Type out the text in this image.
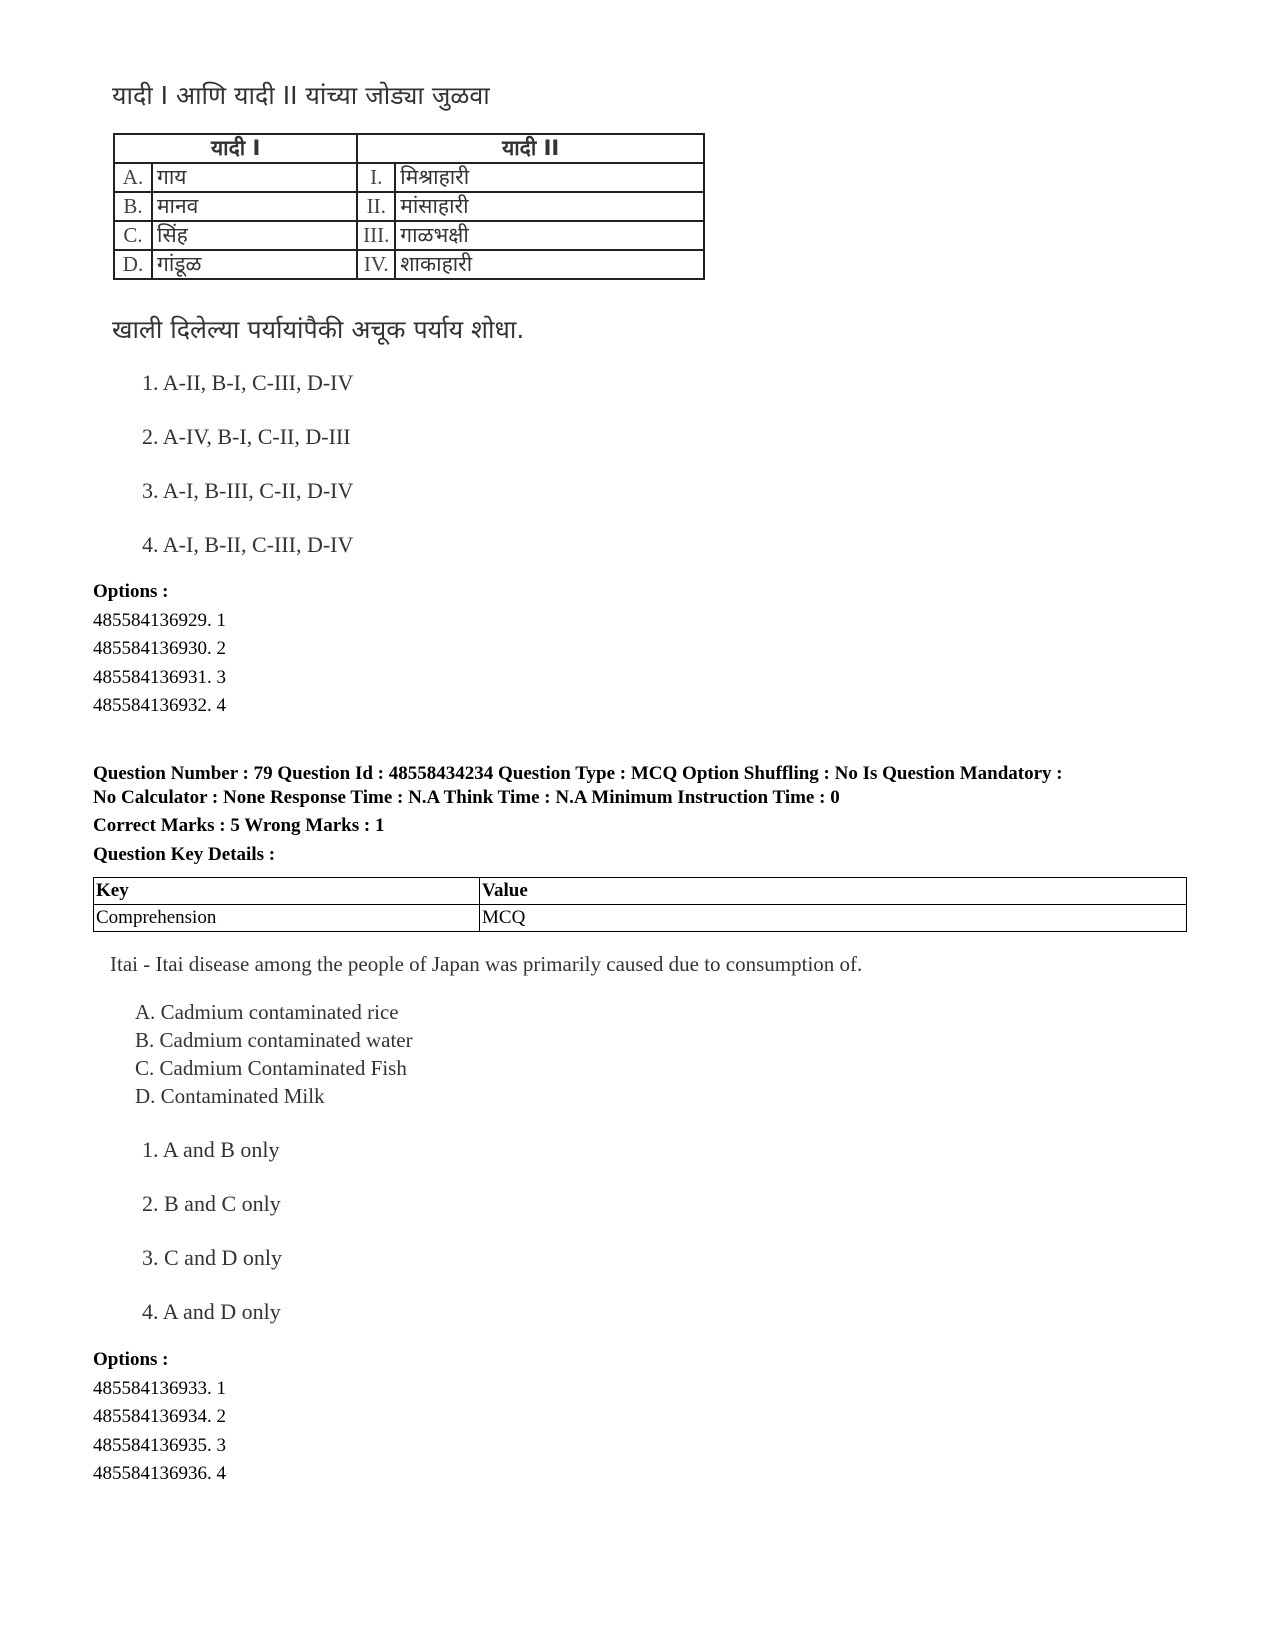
यादी I आणि यादी II यांच्या जोड्या जुळवा
यादी I		यादी II	
A.	गाय	I.	मिश्राहारी
B.	मानव	II.	मांसाहारी
C.	सिंह	III.	गाळभक्षी
D.	गांडूळ	IV.	शाकाहारी
खाली दिलेल्या पर्यायांपैकी अचूक पर्याय शोधा.
1. A-II, B-I, C-III, D-IV
2. A-IV, B-I, C-II, D-III
3. A-I, B-III, C-II, D-IV
4. A-I, B-II, C-III, D-IV
Options :
485584136929. 1
485584136930. 2
485584136931. 3
485584136932. 4
Question Number : 79 Question Id : 48558434234 Question Type : MCQ Option Shuffling : No Is Question Mandatory :
No Calculator : None Response Time : N.A Think Time : N.A Minimum Instruction Time : 0
Correct Marks : 5 Wrong Marks : 1
Question Key Details :
Key	Value
Comprehension	MCQ
Itai - Itai disease among the people of Japan was primarily caused due to consumption of.
A. Cadmium contaminated rice
B. Cadmium contaminated water
C. Cadmium Contaminated Fish
D. Contaminated Milk
1. A and B only
2. B and C only
3. C and D only
4. A and D only
Options :
485584136933. 1
485584136934. 2
485584136935. 3
485584136936. 4
